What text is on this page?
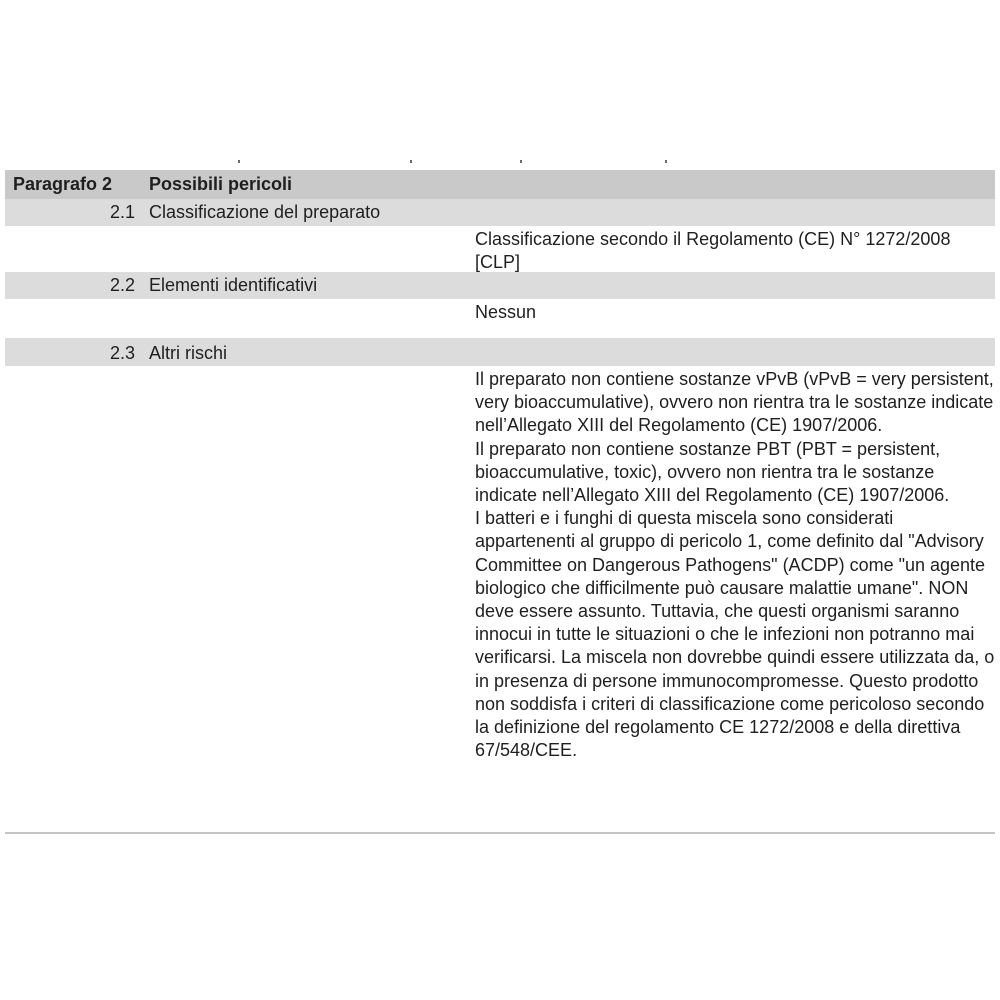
Paragrafo 2 Possibili pericoli
2.1 Classificazione del preparato

Classificazione secondo il Regolamento (CE) N° 1272/2008 [CLP]

2.2 Elementi identificativi

Nessun

2.3 Altri rischi

Il preparato non contiene sostanze vPvB (vPvB = very persistent, very bioaccumulative), ovvero non rientra tra le sostanze indicate nell’Allegato XIII del Regolamento (CE) 1907/2006.

Il preparato non contiene sostanze PBT (PBT = persistent, bioaccumulative, toxic), ovvero non rientra tra le sostanze indicate nell’Allegato XIII del Regolamento (CE) 1907/2006.

I batteri e i funghi di questa miscela sono considerati appartenenti al gruppo di pericolo 1, come definito dal "Advisory Committee on Dangerous Pathogens" (ACDP) come "un agente biologico che difficilmente può causare malattie umane". NON deve essere assunto. Tuttavia, che questi organismi saranno innocui in tutte le situazioni o che le infezioni non potranno mai verificarsi. La miscela non dovrebbe quindi essere utilizzata da, o in presenza di persone immunocompromesse. Questo prodotto non soddisfa i criteri di classificazione come pericoloso secondo la definizione del regolamento CE 1272/2008 e della direttiva 67/548/CEE.
